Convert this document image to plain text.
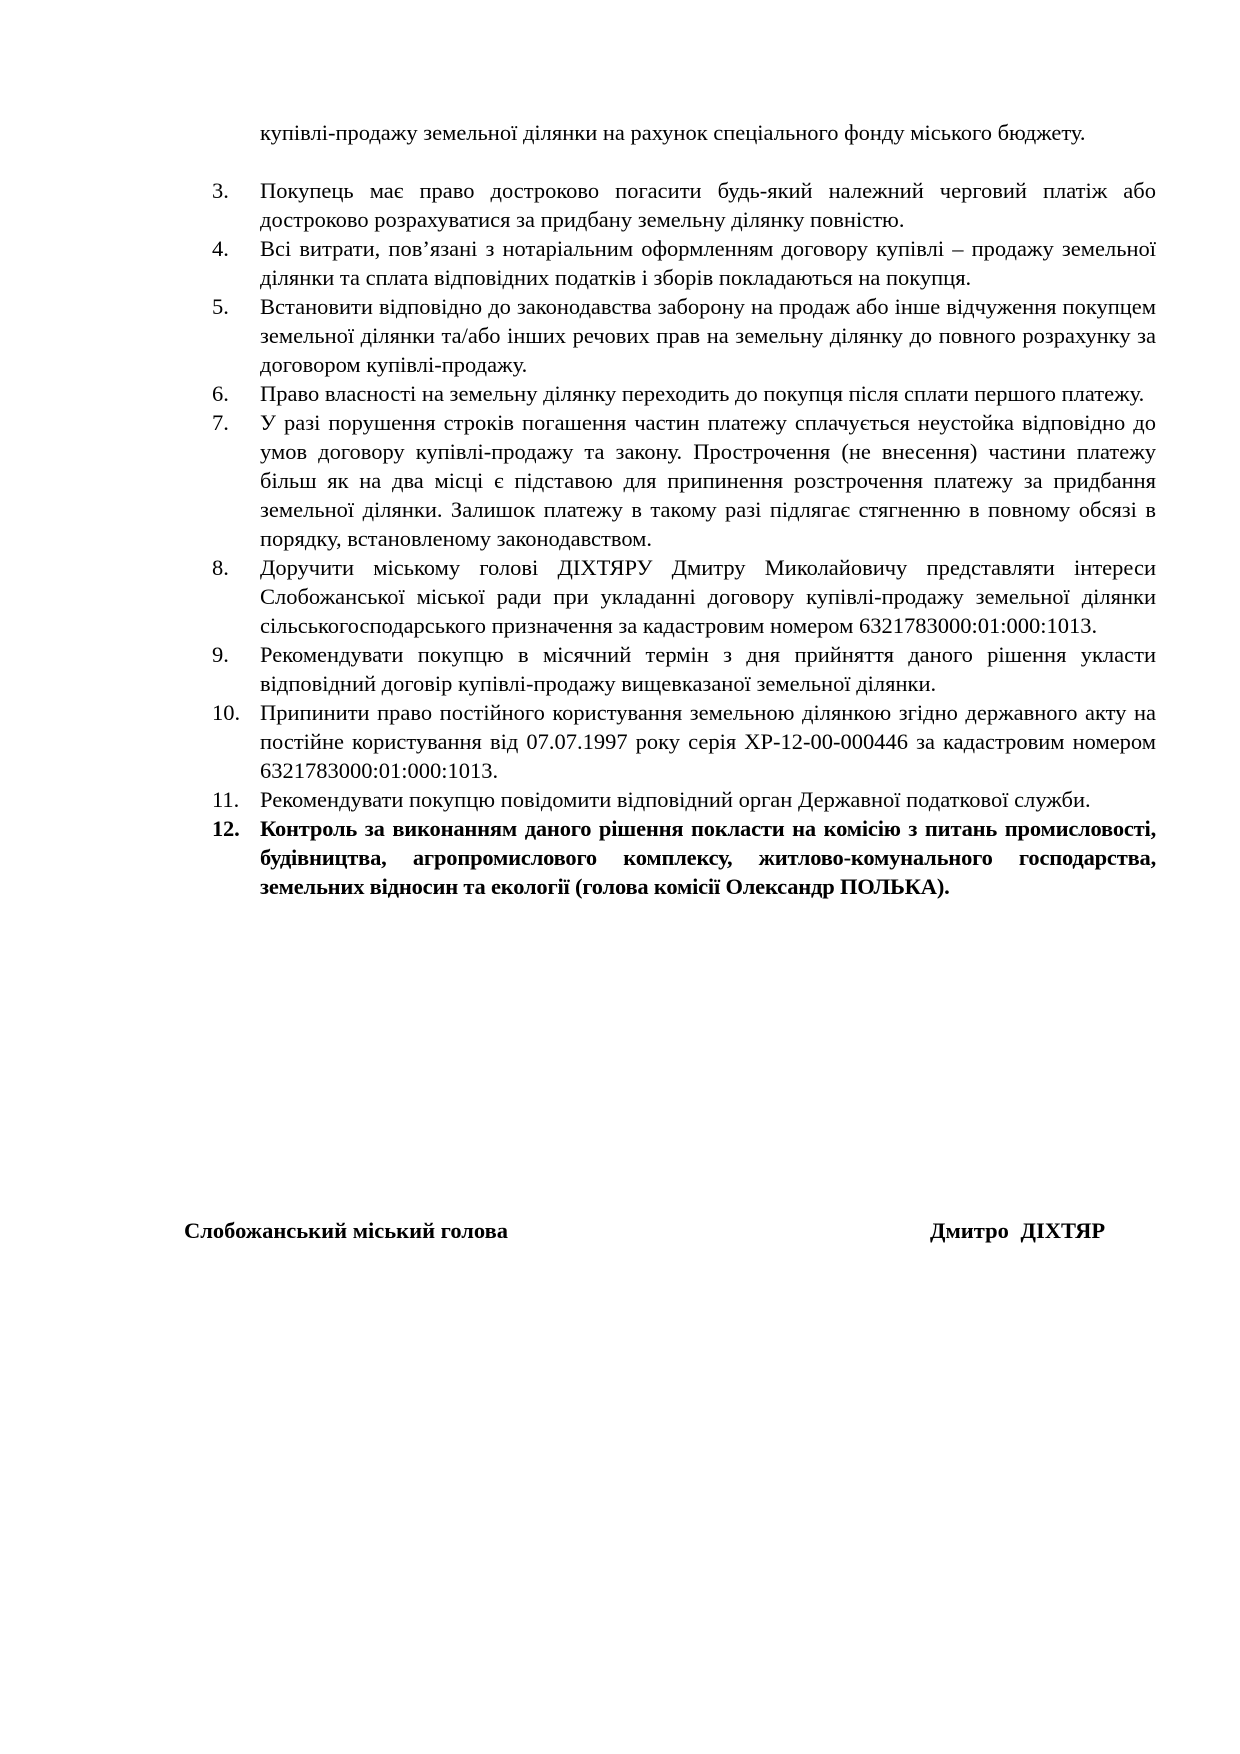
купівлі-продажу земельної ділянки на рахунок спеціального фонду міського бюджету.
3.	Покупець має право достроково погасити будь-який належний черговий платіж або достроково розрахуватися за придбану земельну ділянку повністю.
4.	Всі витрати, пов’язані з нотаріальним оформленням договору купівлі – продажу земельної ділянки та сплата відповідних податків і зборів покладаються на покупця.
5.	Встановити відповідно до законодавства заборону на продаж або інше відчуження покупцем земельної ділянки та/або інших речових прав на земельну ділянку до повного розрахунку за договором купівлі-продажу.
6.	Право власності на земельну ділянку переходить до покупця після сплати першого платежу.
7.	У разі порушення строків погашення частин платежу сплачується неустойка відповідно до умов договору купівлі-продажу та закону. Прострочення (не внесення) частини платежу більш як на два місці є підставою для припинення розстрочення платежу за придбання земельної ділянки. Залишок платежу в такому разі підлягає стягненню в повному обсязі в порядку, встановленому законодавством.
8.	Доручити міському голові ДІХТЯРУ Дмитру Миколайовичу представляти інтереси Слобожанської міської ради при укладанні договору купівлі-продажу земельної ділянки сільськогосподарського призначення за кадастровим номером 6321783000:01:000:1013.
9.	Рекомендувати покупцю в місячний термін з дня прийняття даного рішення укласти відповідний договір купівлі-продажу вищевказаної земельної ділянки.
10. Припинити право постійного користування земельною ділянкою згідно державного акту на постійне користування від 07.07.1997 року серія ХР-12-00-000446 за кадастровим номером 6321783000:01:000:1013.
11. Рекомендувати покупцю повідомити відповідний орган Державної податкової служби.
12. Контроль за виконанням даного рішення покласти на комісію з питань промисловості, будівництва, агропромислового комплексу, житлово-комунального господарства, земельних відносин та екології (голова комісії Олександр ПОЛЬКА).
Слобожанський міський голова	Дмитро ДІХТЯР
